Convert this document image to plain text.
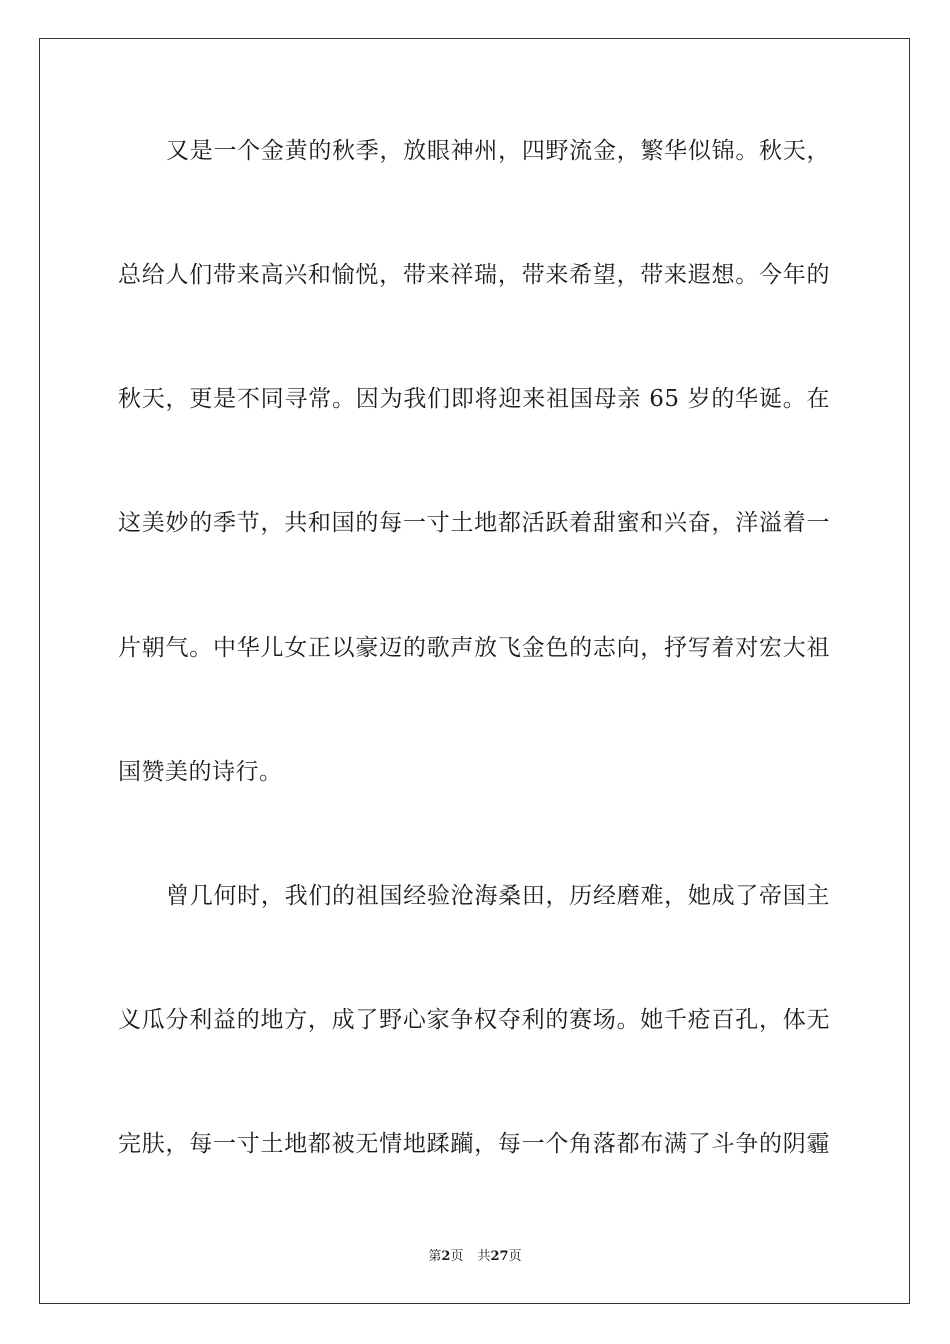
又是一个金黄的秋季，放眼神州，四野流金，繁华似锦。秋天，
总给人们带来高兴和愉悦，带来祥瑞，带来希望，带来遐想。今年的
秋天，更是不同寻常。因为我们即将迎来祖国母亲 65 岁的华诞。在
这美妙的季节，共和国的每一寸土地都活跃着甜蜜和兴奋，洋溢着一
片朝气。中华儿女正以豪迈的歌声放飞金色的志向，抒写着对宏大祖
国赞美的诗行。
曾几何时，我们的祖国经验沧海桑田，历经磨难，她成了帝国主
义瓜分利益的地方，成了野心家争权夺利的赛场。她千疮百孔，体无
完肤，每一寸土地都被无情地蹂躏，每一个角落都布满了斗争的阴霾
第2页 共27页
